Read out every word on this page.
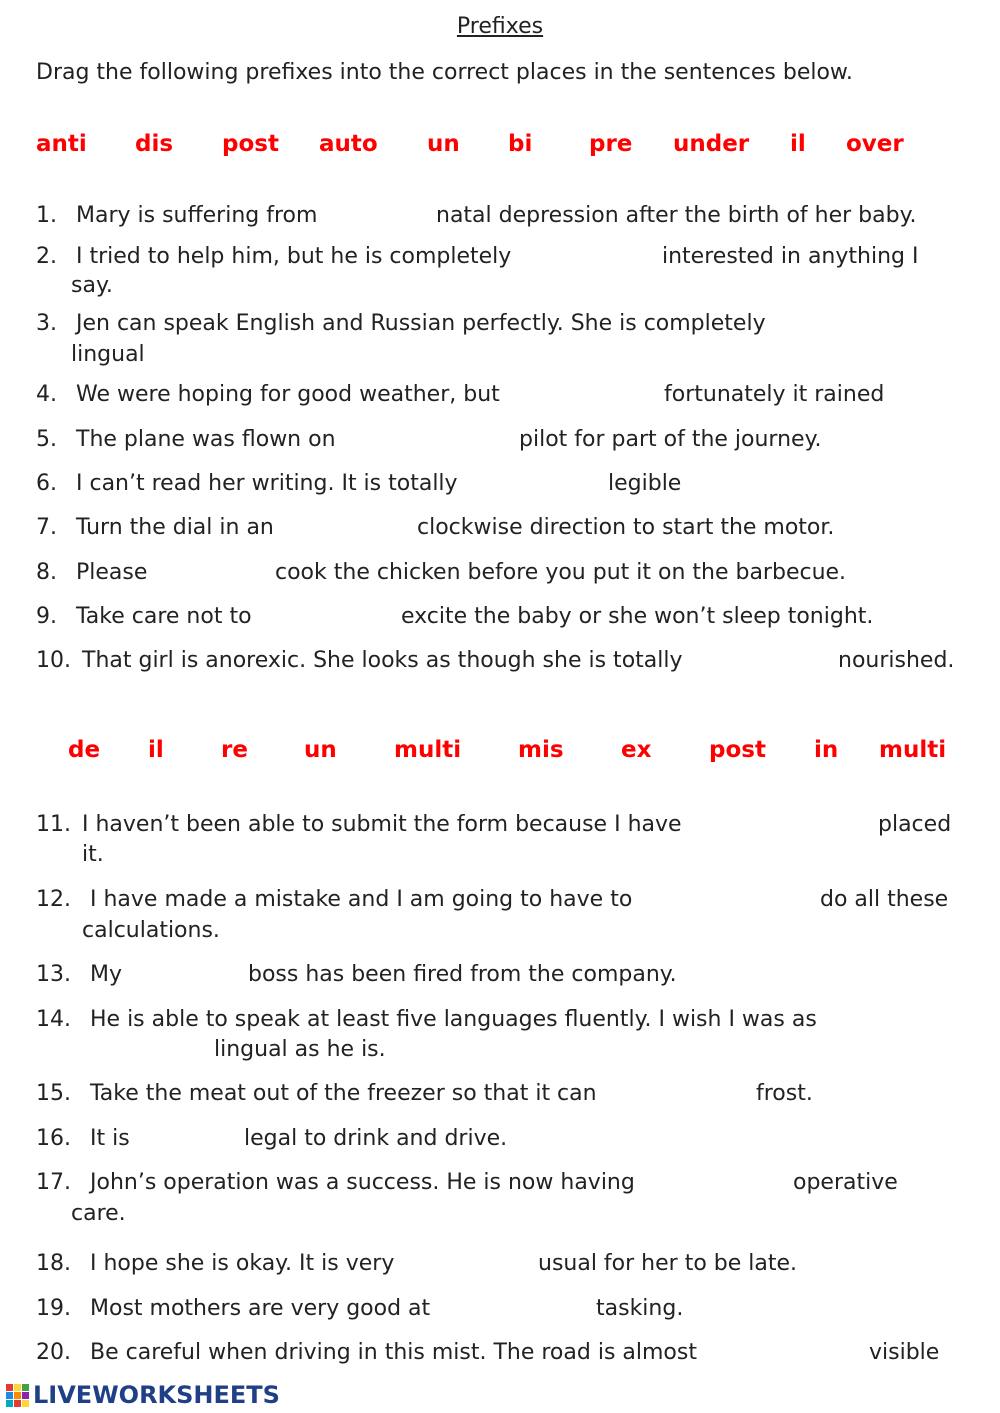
Prefixes
Drag the following prefixes into the correct places in the sentences below.
anti dis post auto un bi pre under il over
1. Mary is suffering from	natal depression after the birth of her baby.
2. I tried to help him, but he is completely	interested in anything I
say.
3. Jen can speak English and Russian perfectly. She is completely
lingual
4. We were hoping for good weather, but	fortunately it rained
5. The plane was flown on	pilot for part of the journey.
6. I can’t read her writing. It is totally	legible
7. Turn the dial in an	clockwise direction to start the motor.
8. Please	cook the chicken before you put it on the barbecue.
9. Take care not to	excite the baby or she won’t sleep tonight.
10. That girl is anorexic. She looks as though she is totally	nourished.
de il re un multi mis ex	post in multi
11. I haven’t been able to submit the form because I have	placed
it.
12. I have made a mistake and I am going to have to	do all these
calculations.
13. My	boss has been fired from the company.
14. He is able to speak at least five languages fluently. I wish I was as
lingual as he is.
15. Take the meat out of the freezer so that it can	frost.
16. It is	legal to drink and drive.
17. John’s operation was a success. He is now having	operative
care.
18. I hope she is okay. It is very	usual for her to be late.
19. Most mothers are very good at	tasking.
20. Be careful when driving in this mist. The road is almost	visible
LIVEWORKSHEETS
